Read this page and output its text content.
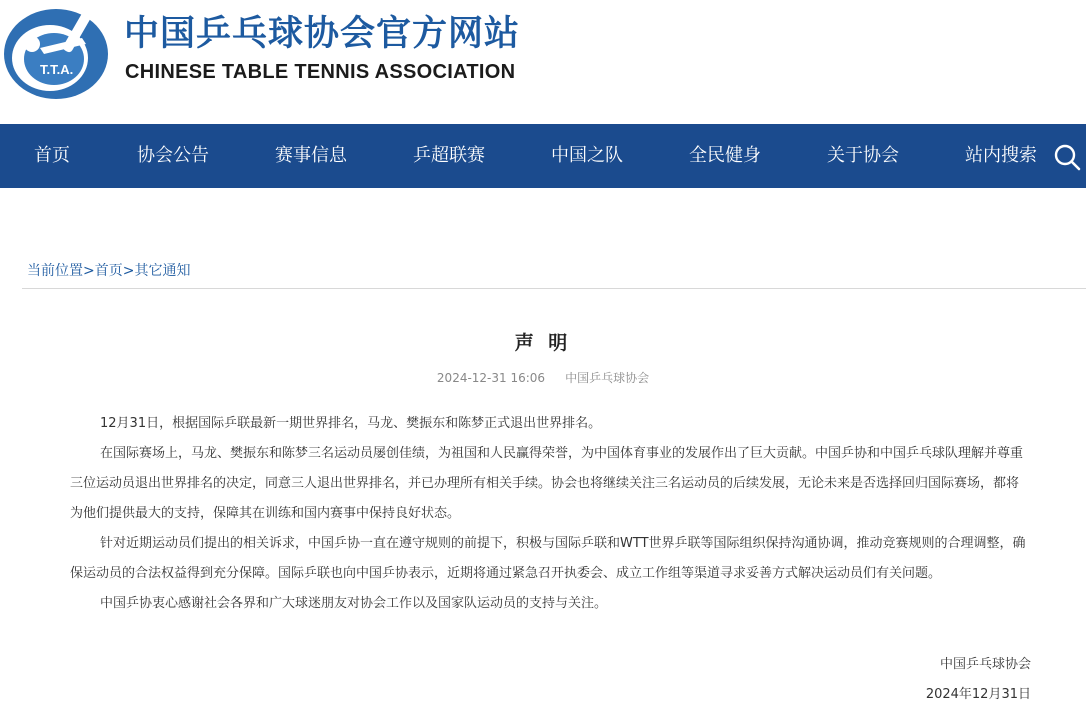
T.T.A.
中国乒乓球协会官方网站
CHINESE TABLE TENNIS ASSOCIATION
首页	协会公告	赛事信息	乒超联赛	中国之队	全民健身	关于协会	站内搜索
当前位置>首页>其它通知
声 明
2024-12-31 16:06 中国乒乓球协会

12月31日，根据国际乒联最新一期世界排名，马龙、樊振东和陈梦正式退出世界排名。

在国际赛场上，马龙、樊振东和陈梦三名运动员屡创佳绩，为祖国和人民赢得荣誉，为中国体育事业的发展作出了巨大贡献。中国乒协和中国乒乓球队理解并尊重三位运动员退出世界排名的决定，同意三人退出世界排名，并已办理所有相关手续。协会也将继续关注三名运动员的后续发展，无论未来是否选择回归国际赛场，都将为他们提供最大的支持，保障其在训练和国内赛事中保持良好状态。

针对近期运动员们提出的相关诉求，中国乒协一直在遵守规则的前提下，积极与国际乒联和WTT世界乒联等国际组织保持沟通协调，推动竞赛规则的合理调整，确保运动员的合法权益得到充分保障。国际乒联也向中国乒协表示，近期将通过紧急召开执委会、成立工作组等渠道寻求妥善方式解决运动员们有关问题。

中国乒协衷心感谢社会各界和广大球迷朋友对协会工作以及国家队运动员的支持与关注。

中国乒乓球协会
2024年12月31日
